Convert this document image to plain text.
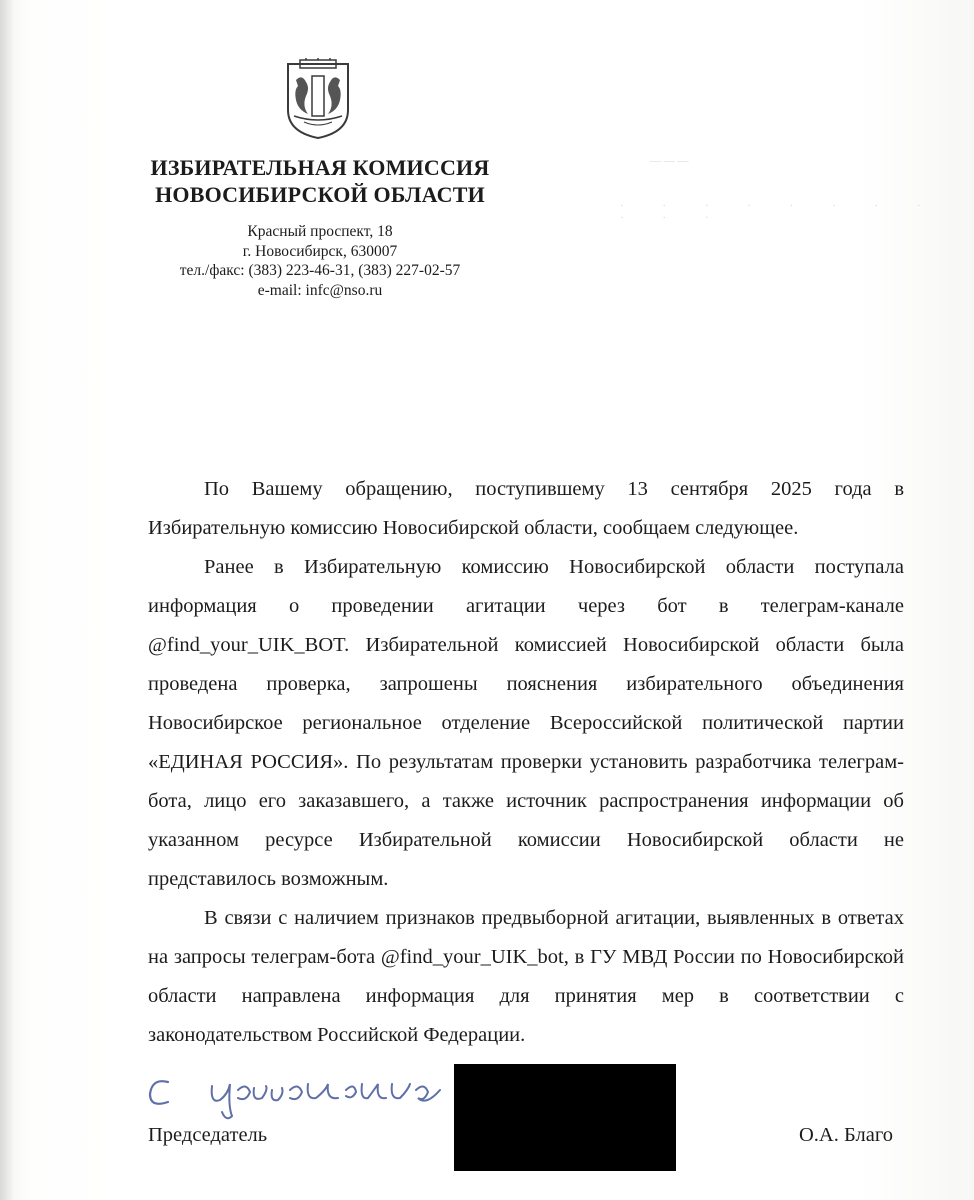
ИЗБИРАТЕЛЬНАЯ КОМИССИЯ
НОВОСИБИРСКОЙ ОБЛАСТИ
Красный проспект, 18
г. Новосибирск, 630007
тел./факс: (383) 223-46-31, (383) 227-02-57
e-mail: infc@nso.ru
— — —
· · · · · · · · · · ·

По Вашему обращению, поступившему 13 сентября 2025 года в Избирательную комиссию Новосибирской области, сообщаем следующее.

Ранее в Избирательную комиссию Новосибирской области поступала информация о проведении агитации через бот в телеграм-канале @find_your_UIK_BOT. Избирательной комиссией Новосибирской области была проведена проверка, запрошены пояснения избирательного объединения Новосибирское региональное отделение Всероссийской политической партии «ЕДИНАЯ РОССИЯ». По результатам проверки установить разработчика телеграм-бота, лицо его заказавшего, а также источник распространения информации об указанном ресурсе Избирательной комиссии Новосибирской области не представилось возможным.

В связи с наличием признаков предвыборной агитации, выявленных в ответах на запросы телеграм-бота @find_your_UIK_bot, в ГУ МВД России по Новосибирской области направлена информация для принятия мер в соответствии с законодательством Российской Федерации.

Председатель	О.А. Благо
